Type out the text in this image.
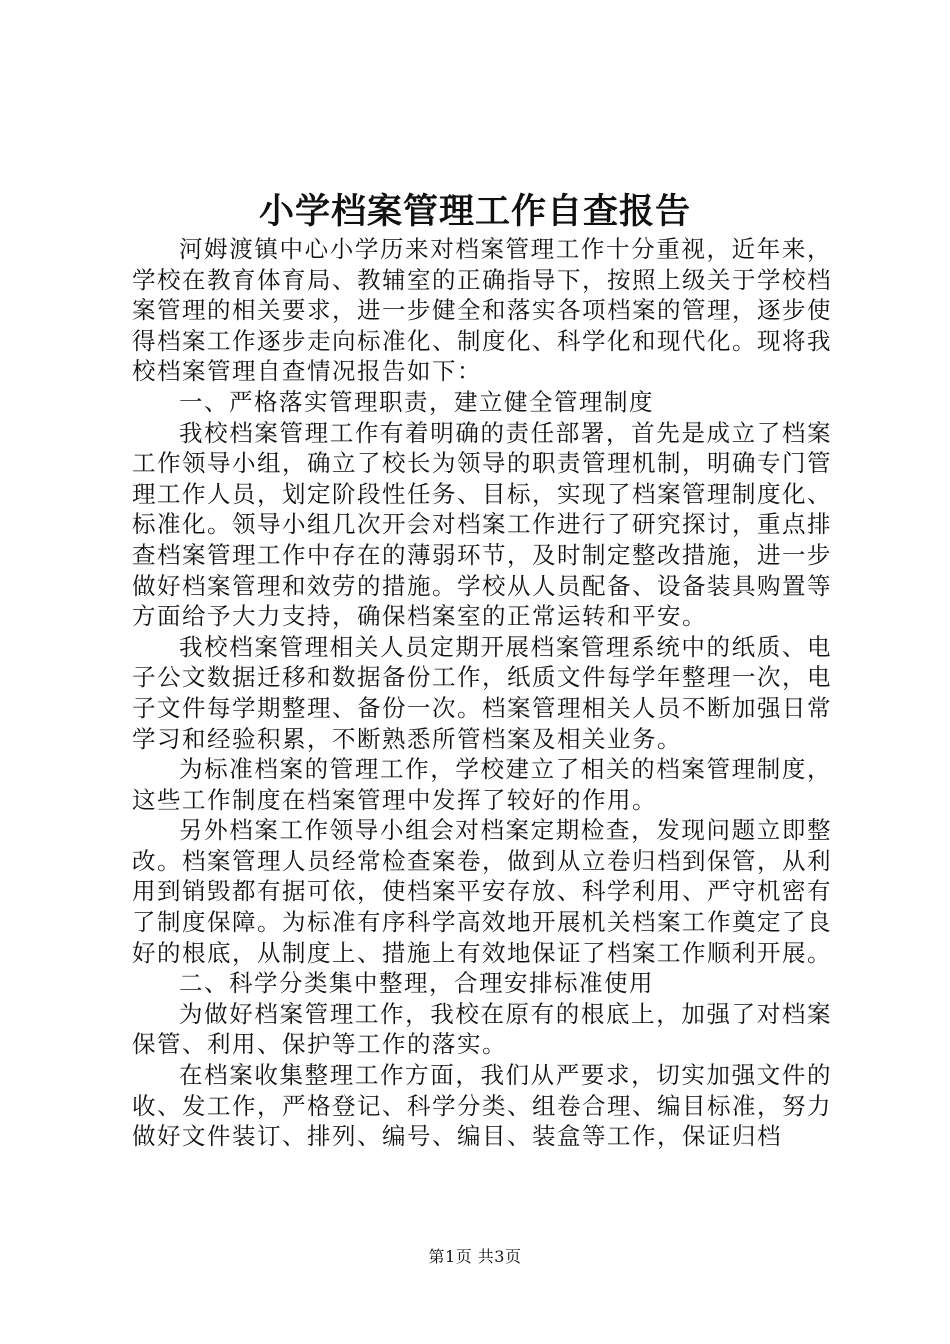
小学档案管理工作自查报告

河姆渡镇中心小学历来对档案管理工作十分重视，近年来，学校在教育体育局、教辅室的正确指导下，按照上级关于学校档案管理的相关要求，进一步健全和落实各项档案的管理，逐步使得档案工作逐步走向标准化、制度化、科学化和现代化。现将我校档案管理自查情况报告如下：

一、严格落实管理职责，建立健全管理制度

我校档案管理工作有着明确的责任部署，首先是成立了档案工作领导小组，确立了校长为领导的职责管理机制，明确专门管理工作人员，划定阶段性任务、目标，实现了档案管理制度化、标准化。领导小组几次开会对档案工作进行了研究探讨，重点排查档案管理工作中存在的薄弱环节，及时制定整改措施，进一步做好档案管理和效劳的措施。学校从人员配备、设备装具购置等方面给予大力支持，确保档案室的正常运转和平安。

我校档案管理相关人员定期开展档案管理系统中的纸质、电子公文数据迁移和数据备份工作，纸质文件每学年整理一次，电子文件每学期整理、备份一次。档案管理相关人员不断加强日常学习和经验积累，不断熟悉所管档案及相关业务。

为标准档案的管理工作，学校建立了相关的档案管理制度，这些工作制度在档案管理中发挥了较好的作用。

另外档案工作领导小组会对档案定期检查，发现问题立即整改。档案管理人员经常检查案卷，做到从立卷归档到保管，从利用到销毁都有据可依，使档案平安存放、科学利用、严守机密有了制度保障。为标准有序科学高效地开展机关档案工作奠定了良好的根底，从制度上、措施上有效地保证了档案工作顺利开展。

二、科学分类集中整理，合理安排标准使用

为做好档案管理工作，我校在原有的根底上，加强了对档案保管、利用、保护等工作的落实。

在档案收集整理工作方面，我们从严要求，切实加强文件的收、发工作，严格登记、科学分类、组卷合理、编目标准，努力做好文件装订、排列、编号、编目、装盒等工作，保证归档

第1页 共3页
